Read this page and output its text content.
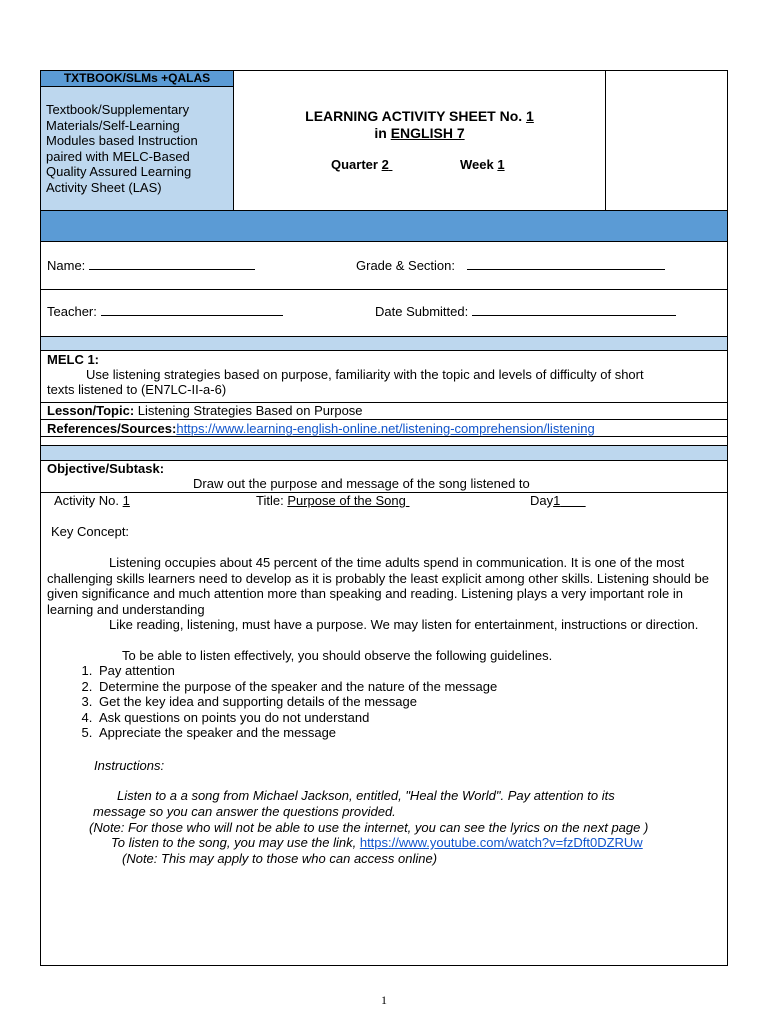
TXTBOOK/SLMs +QALAS
Textbook/Supplementary Materials/Self-Learning Modules based Instruction paired with MELC-Based Quality Assured Learning Activity Sheet (LAS)
LEARNING ACTIVITY SHEET No. 1
in ENGLISH 7
Quarter 2	Week 1
Name:	Grade & Section:
Teacher:	Date Submitted:
MELC 1:
Use listening strategies based on purpose, familiarity with the topic and levels of difficulty of short
texts listened to (EN7LC-II-a-6)
Lesson/Topic: Listening Strategies Based on Purpose
References/Sources:https://www.learning-english-online.net/listening-comprehension/listening
Objective/Subtask:
Draw out the purpose and message of the song listened to
Activity No. 1	Title: Purpose of the Song	Day1
Key Concept:
Listening occupies about 45 percent of the time adults spend in communication. It is one of the most challenging skills learners need to develop as it is probably the least explicit among other skills. Listening should be given significance and much attention more than speaking and reading. Listening plays a very important role in learning and understanding
Like reading, listening, must have a purpose. We may listen for entertainment, instructions or direction.
To be able to listen effectively, you should observe the following guidelines.
1. Pay attention
2. Determine the purpose of the speaker and the nature of the message
3. Get the key idea and supporting details of the message
4. Ask questions on points you do not understand
5. Appreciate the speaker and the message
Instructions:
Listen to a a song from Michael Jackson, entitled, "Heal the World". Pay attention to its
message so you can answer the questions provided.
(Note: For those who will not be able to use the internet, you can see the lyrics on the next page )
To listen to the song, you may use the link, https://www.youtube.com/watch?v=fzDft0DZRUw
(Note: This may apply to those who can access online)
1
